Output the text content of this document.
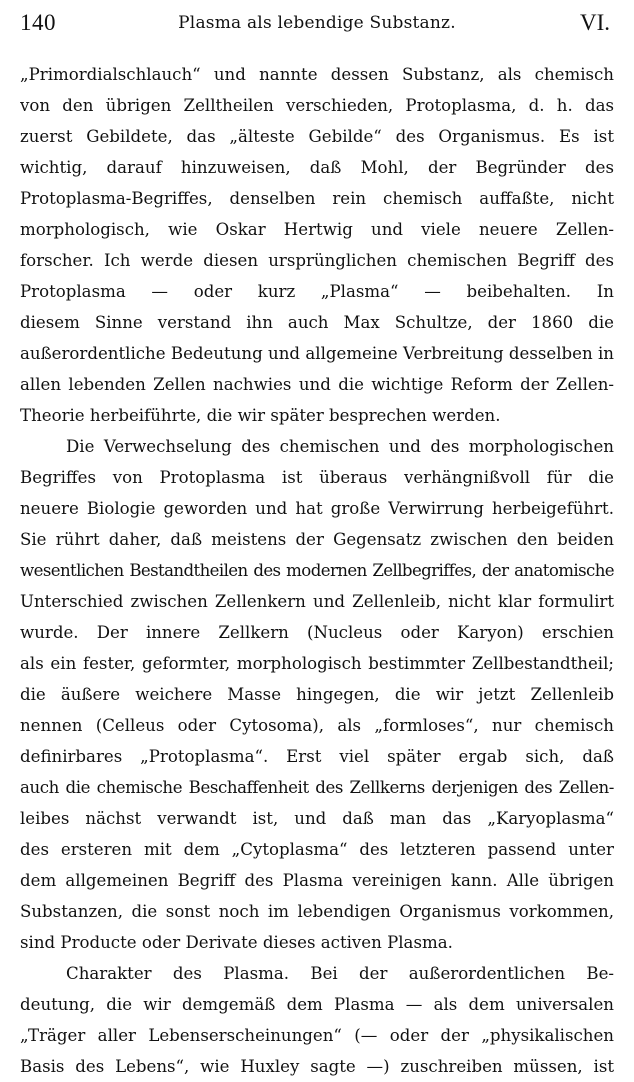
140	Plasma als lebendige Substanz.	VI.
„Primordialschlauch“ und nannte dessen Substanz, als chemisch
von den übrigen Zelltheilen verschieden, Protoplasma, d. h. das
zuerst Gebildete, das „älteste Gebilde“ des Organismus. Es ist
wichtig, darauf hinzuweisen, daß Mohl, der Begründer des
Protoplasma-Begriffes, denselben rein chemisch auffaßte, nicht
morphologisch, wie Oskar Hertwig und viele neuere Zellen-
forscher. Ich werde diesen ursprünglichen chemischen Begriff des
Protoplasma — oder kurz „Plasma“ — beibehalten. In
diesem Sinne verstand ihn auch Max Schultze, der 1860 die
außerordentliche Bedeutung und allgemeine Verbreitung desselben in
allen lebenden Zellen nachwies und die wichtige Reform der Zellen-
Theorie herbeiführte, die wir später besprechen werden.
Die Verwechselung des chemischen und des morphologischen
Begriffes von Protoplasma ist überaus verhängnißvoll für die
neuere Biologie geworden und hat große Verwirrung herbeigeführt.
Sie rührt daher, daß meistens der Gegensatz zwischen den beiden
wesentlichen Bestandtheilen des modernen Zellbegriffes, der anatomische
Unterschied zwischen Zellenkern und Zellenleib, nicht klar formulirt
wurde. Der innere Zellkern (Nucleus oder Karyon) erschien
als ein fester, geformter, morphologisch bestimmter Zellbestandtheil;
die äußere weichere Masse hingegen, die wir jetzt Zellenleib
nennen (Celleus oder Cytosoma), als „formloses“, nur chemisch
definirbares „Protoplasma“. Erst viel später ergab sich, daß
auch die chemische Beschaffenheit des Zellkerns derjenigen des Zellen-
leibes nächst verwandt ist, und daß man das „Karyoplasma“
des ersteren mit dem „Cytoplasma“ des letzteren passend unter
dem allgemeinen Begriff des Plasma vereinigen kann. Alle übrigen
Substanzen, die sonst noch im lebendigen Organismus vorkommen,
sind Producte oder Derivate dieses activen Plasma.
Charakter des Plasma. Bei der außerordentlichen Be-
deutung, die wir demgemäß dem Plasma — als dem universalen
„Träger aller Lebenserscheinungen“ (— oder der „physikalischen
Basis des Lebens“, wie Huxley sagte —) zuschreiben müssen, ist
